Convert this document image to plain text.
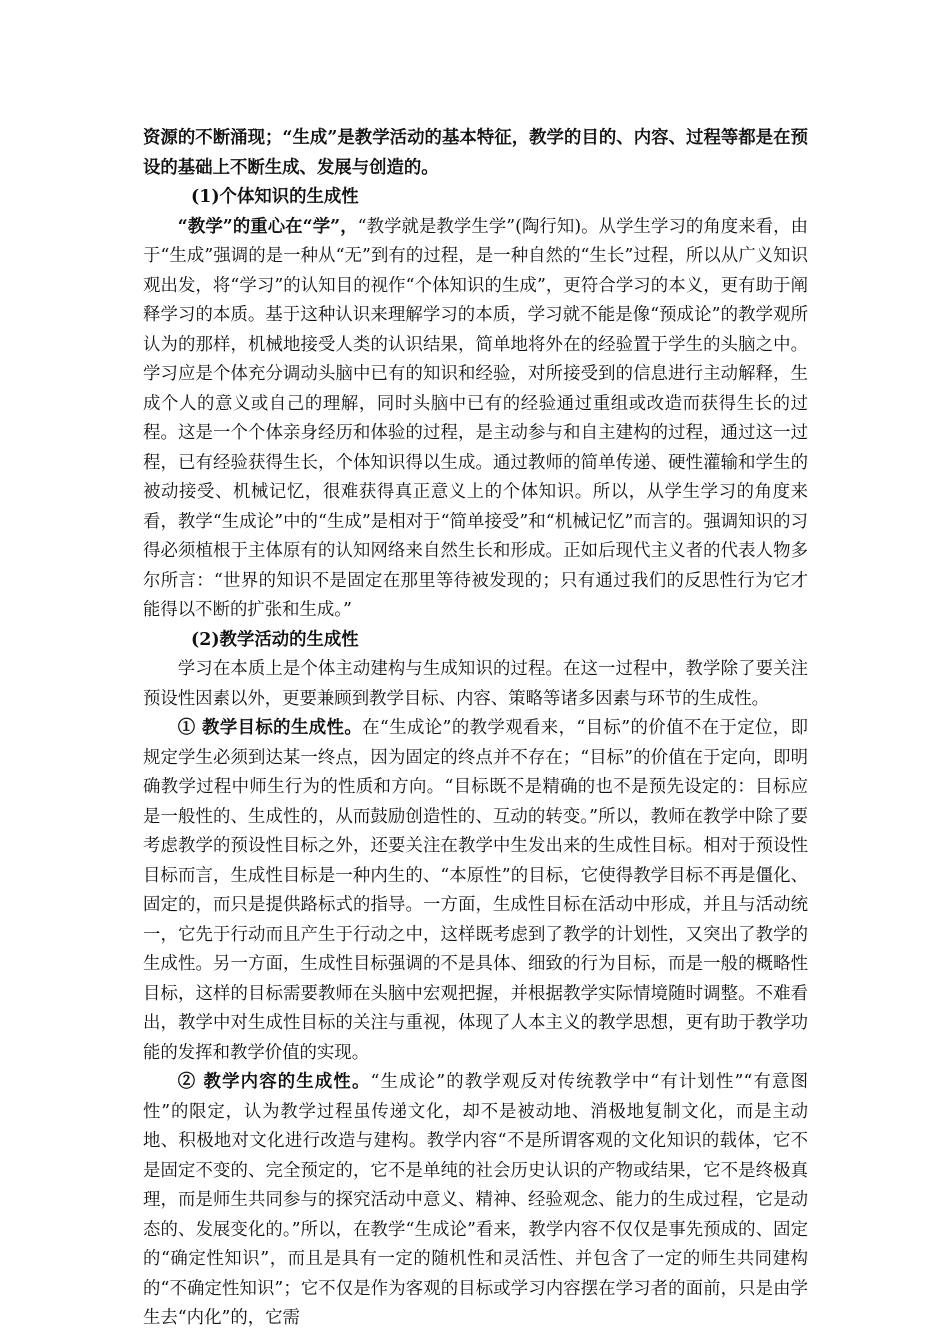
资源的不断涌现；“生成”是教学活动的基本特征，教学的目的、内容、过程等都是在预设的基础上不断生成、发展与创造的。

(1)个体知识的生成性

“教学”的重心在“学”，“教学就是教学生学”(陶行知)。从学生学习的角度来看，由于“生成”强调的是一种从“无”到有的过程，是一种自然的“生长”过程，所以从广义知识观出发，将“学习”的认知目的视作“个体知识的生成”，更符合学习的本义，更有助于阐释学习的本质。基于这种认识来理解学习的本质，学习就不能是像“预成论”的教学观所认为的那样，机械地接受人类的认识结果，简单地将外在的经验置于学生的头脑之中。学习应是个体充分调动头脑中已有的知识和经验，对所接受到的信息进行主动解释，生成个人的意义或自己的理解，同时头脑中已有的经验通过重组或改造而获得生长的过程。这是一个个体亲身经历和体验的过程，是主动参与和自主建构的过程，通过这一过程，已有经验获得生长，个体知识得以生成。通过教师的简单传递、硬性灌输和学生的被动接受、机械记忆，很难获得真正意义上的个体知识。所以，从学生学习的角度来看，教学“生成论”中的“生成”是相对于“简单接受”和“机械记忆”而言的。强调知识的习得必须植根于主体原有的认知网络来自然生长和形成。正如后现代主义者的代表人物多尔所言：“世界的知识不是固定在那里等待被发现的；只有通过我们的反思性行为它才能得以不断的扩张和生成。”

(2)教学活动的生成性

学习在本质上是个体主动建构与生成知识的过程。在这一过程中，教学除了要关注预设性因素以外，更要兼顾到教学目标、内容、策略等诸多因素与环节的生成性。

① 教学目标的生成性。在“生成论”的教学观看来，“目标”的价值不在于定位，即规定学生必须到达某一终点，因为固定的终点并不存在；“目标”的价值在于定向，即明确教学过程中师生行为的性质和方向。“目标既不是精确的也不是预先设定的：目标应是一般性的、生成性的，从而鼓励创造性的、互动的转变。”所以，教师在教学中除了要考虑教学的预设性目标之外，还要关注在教学中生发出来的生成性目标。相对于预设性目标而言，生成性目标是一种内生的、“本原性”的目标，它使得教学目标不再是僵化、固定的，而只是提供路标式的指导。一方面，生成性目标在活动中形成，并且与活动统一，它先于行动而且产生于行动之中，这样既考虑到了教学的计划性，又突出了教学的生成性。另一方面，生成性目标强调的不是具体、细致的行为目标，而是一般的概略性目标，这样的目标需要教师在头脑中宏观把握，并根据教学实际情境随时调整。不难看出，教学中对生成性目标的关注与重视，体现了人本主义的教学思想，更有助于教学功能的发挥和教学价值的实现。

② 教学内容的生成性。“生成论”的教学观反对传统教学中“有计划性”“有意图性”的限定，认为教学过程虽传递文化，却不是被动地、消极地复制文化，而是主动地、积极地对文化进行改造与建构。教学内容“不是所谓客观的文化知识的载体，它不是固定不变的、完全预定的，它不是单纯的社会历史认识的产物或结果，它不是终极真理，而是师生共同参与的探究活动中意义、精神、经验观念、能力的生成过程，它是动态的、发展变化的。”所以，在教学“生成论”看来，教学内容不仅仅是事先预成的、固定的“确定性知识”，而且是具有一定的随机性和灵活性、并包含了一定的师生共同建构的“不确定性知识”；它不仅是作为客观的目标或学习内容摆在学习者的面前，只是由学生去“内化”的，它需
